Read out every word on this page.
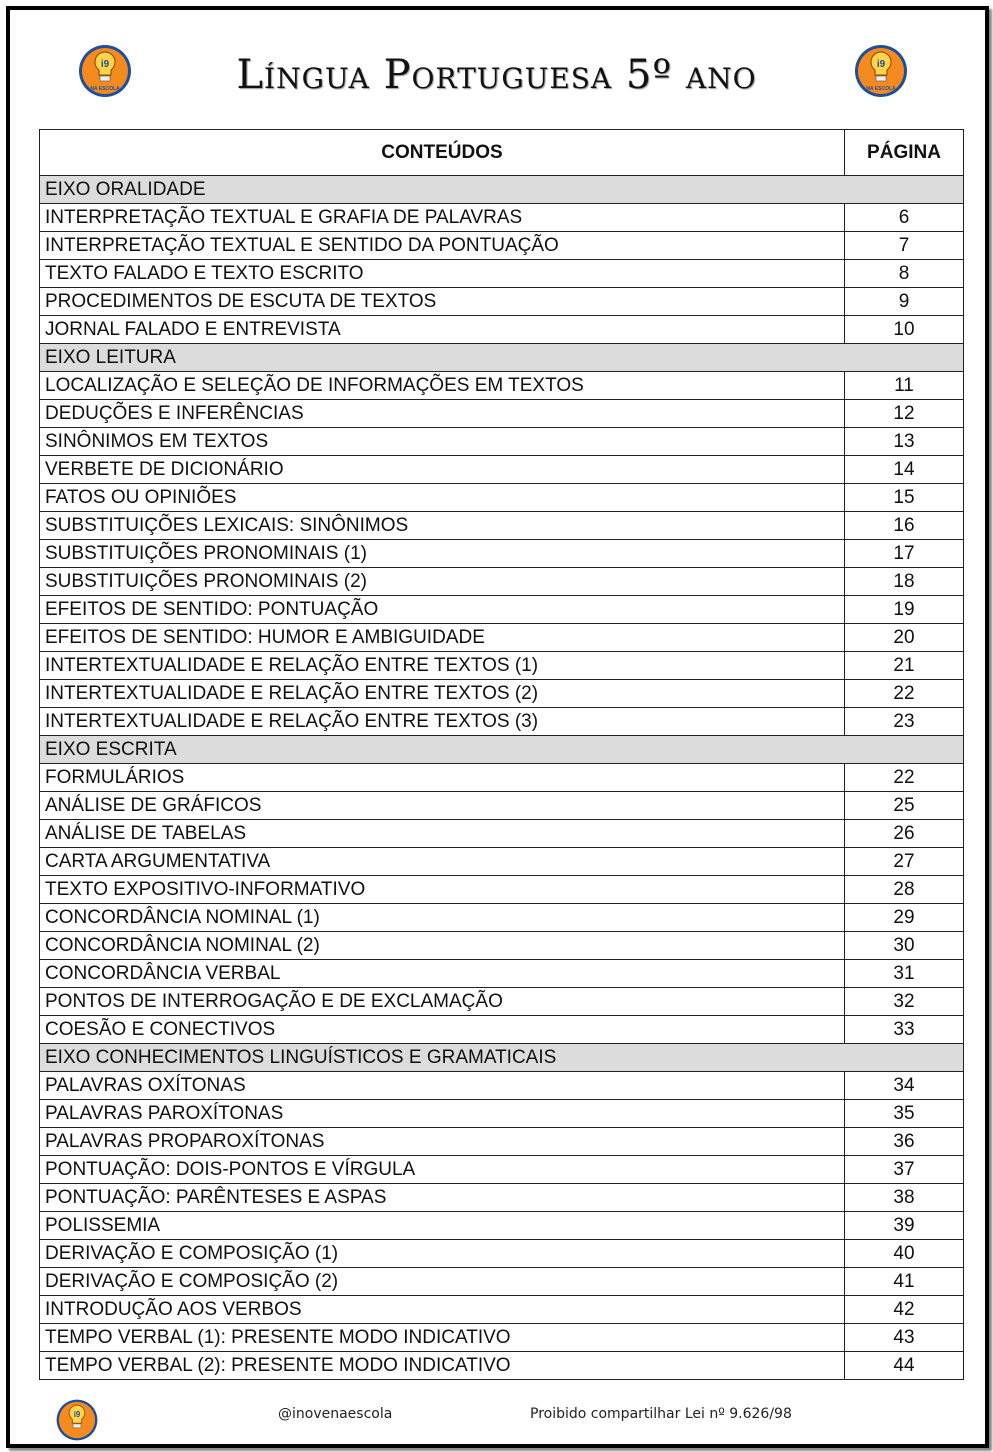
i9
NA ESCOLA
i9
NA ESCOLA
Língua Portuguesa 5º ano
CONTEÚDOS	PÁGINA
EIXO ORALIDADE	
INTERPRETAÇÃO TEXTUAL E GRAFIA DE PALAVRAS	6
INTERPRETAÇÃO TEXTUAL E SENTIDO DA PONTUAÇÃO	7
TEXTO FALADO E TEXTO ESCRITO	8
PROCEDIMENTOS DE ESCUTA DE TEXTOS	9
JORNAL FALADO E ENTREVISTA	10
EIXO LEITURA	
LOCALIZAÇÃO E SELEÇÃO DE INFORMAÇÕES EM TEXTOS	11
DEDUÇÕES E INFERÊNCIAS	12
SINÔNIMOS EM TEXTOS	13
VERBETE DE DICIONÁRIO	14
FATOS OU OPINIÕES	15
SUBSTITUIÇÕES LEXICAIS: SINÔNIMOS	16
SUBSTITUIÇÕES PRONOMINAIS (1)	17
SUBSTITUIÇÕES PRONOMINAIS (2)	18
EFEITOS DE SENTIDO: PONTUAÇÃO	19
EFEITOS DE SENTIDO: HUMOR E AMBIGUIDADE	20
INTERTEXTUALIDADE E RELAÇÃO ENTRE TEXTOS (1)	21
INTERTEXTUALIDADE E RELAÇÃO ENTRE TEXTOS (2)	22
INTERTEXTUALIDADE E RELAÇÃO ENTRE TEXTOS (3)	23
EIXO ESCRITA	
FORMULÁRIOS	22
ANÁLISE DE GRÁFICOS	25
ANÁLISE DE TABELAS	26
CARTA ARGUMENTATIVA	27
TEXTO EXPOSITIVO-INFORMATIVO	28
CONCORDÂNCIA NOMINAL (1)	29
CONCORDÂNCIA NOMINAL (2)	30
CONCORDÂNCIA VERBAL	31
PONTOS DE INTERROGAÇÃO E DE EXCLAMAÇÃO	32
COESÃO E CONECTIVOS	33
EIXO CONHECIMENTOS LINGUÍSTICOS E GRAMATICAIS	
PALAVRAS OXÍTONAS	34
PALAVRAS PAROXÍTONAS	35
PALAVRAS PROPAROXÍTONAS	36
PONTUAÇÃO: DOIS-PONTOS E VÍRGULA	37
PONTUAÇÃO: PARÊNTESES E ASPAS	38
POLISSEMIA	39
DERIVAÇÃO E COMPOSIÇÃO (1)	40
DERIVAÇÃO E COMPOSIÇÃO (2)	41
INTRODUÇÃO AOS VERBOS	42
TEMPO VERBAL (1): PRESENTE MODO INDICATIVO	43
TEMPO VERBAL (2): PRESENTE MODO INDICATIVO	44
i9	@inovenaescola	Proibido compartilhar Lei nº 9.626/98
